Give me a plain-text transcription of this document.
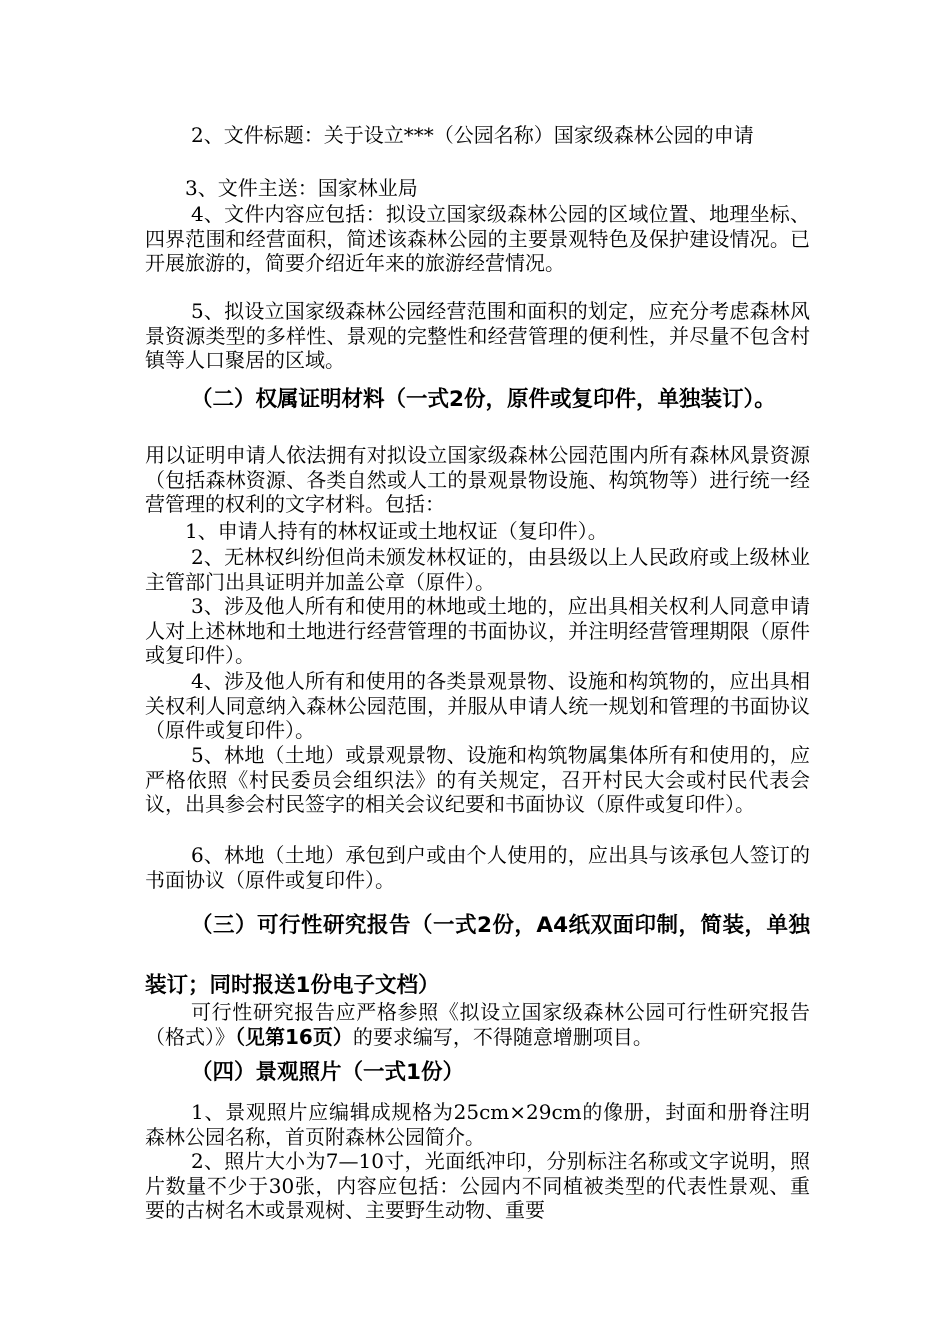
2、文件标题：关于设立***（公园名称）国家级森林公园的申请

3、文件主送：国家林业局

4、文件内容应包括：拟设立国家级森林公园的区域位置、地理坐标、四界范围和经营面积，简述该森林公园的主要景观特色及保护建设情况。已开展旅游的，简要介绍近年来的旅游经营情况。

5、拟设立国家级森林公园经营范围和面积的划定，应充分考虑森林风景资源类型的多样性、景观的完整性和经营管理的便利性，并尽量不包含村镇等人口聚居的区域。

（二）权属证明材料（一式2份，原件或复印件，单独装订）。

用以证明申请人依法拥有对拟设立国家级森林公园范围内所有森林风景资源（包括森林资源、各类自然或人工的景观景物设施、构筑物等）进行统一经营管理的权利的文字材料。包括：

1、申请人持有的林权证或土地权证（复印件）。

2、无林权纠纷但尚未颁发林权证的，由县级以上人民政府或上级林业主管部门出具证明并加盖公章（原件）。

3、涉及他人所有和使用的林地或土地的，应出具相关权利人同意申请人对上述林地和土地进行经营管理的书面协议，并注明经营管理期限（原件或复印件）。

4、涉及他人所有和使用的各类景观景物、设施和构筑物的，应出具相关权利人同意纳入森林公园范围，并服从申请人统一规划和管理的书面协议（原件或复印件）。

5、林地（土地）或景观景物、设施和构筑物属集体所有和使用的，应严格依照《村民委员会组织法》的有关规定，召开村民大会或村民代表会议，出具参会村民签字的相关会议纪要和书面协议（原件或复印件）。

6、林地（土地）承包到户或由个人使用的，应出具与该承包人签订的书面协议（原件或复印件）。

（三）可行性研究报告（一式2份，A4纸双面印制，简装，单独装订；同时报送1份电子文档）

可行性研究报告应严格参照《拟设立国家级森林公园可行性研究报告（格式）》（见第16页）的要求编写，不得随意增删项目。

（四）景观照片（一式1份）

1、景观照片应编辑成规格为25cm×29cm的像册，封面和册脊注明森林公园名称，首页附森林公园简介。

2、照片大小为7—10寸，光面纸冲印，分别标注名称或文字说明，照片数量不少于30张，内容应包括：公园内不同植被类型的代表性景观、重要的古树名木或景观树、主要野生动物、重要
